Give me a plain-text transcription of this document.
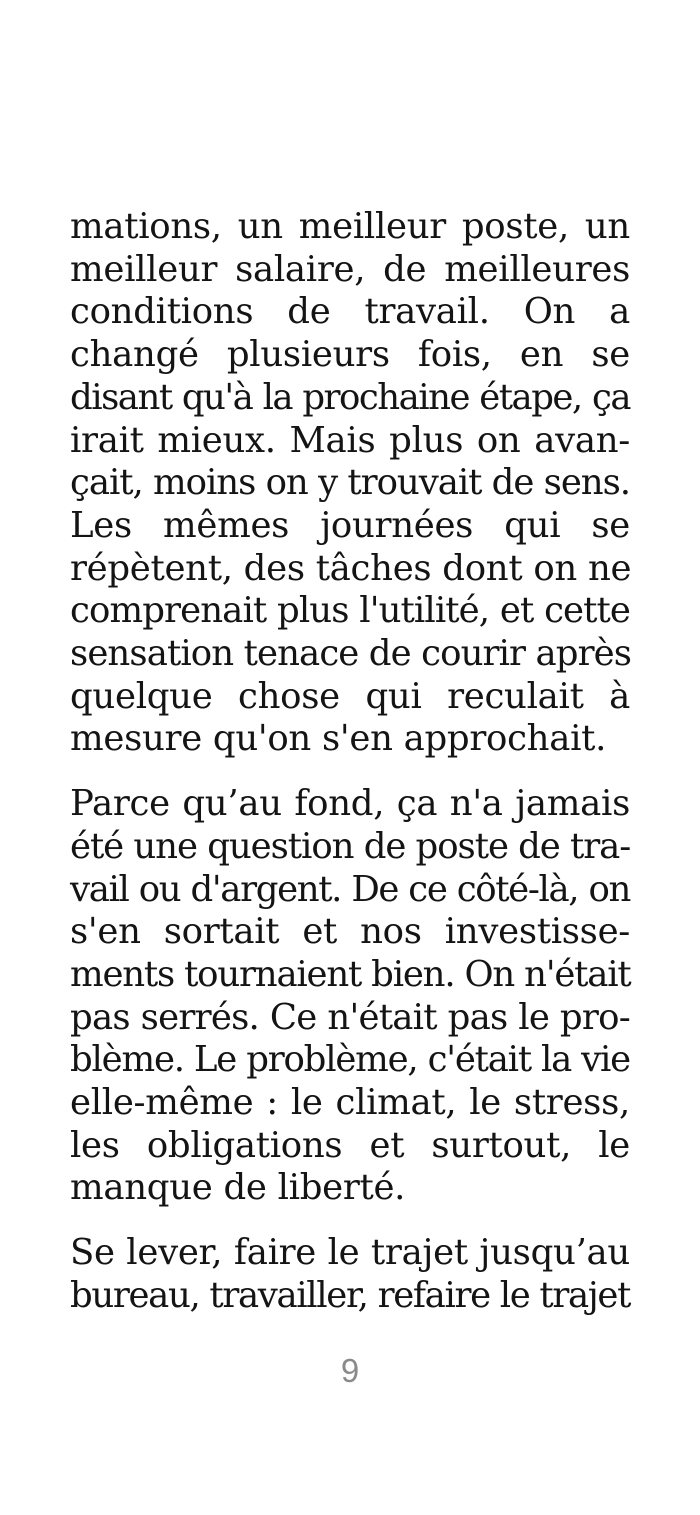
mations, un meilleur poste, un
meilleur salaire, de meilleures
conditions de travail. On a
changé plusieurs fois, en se
disant qu'à la prochaine étape, ça
irait mieux. Mais plus on avan-
çait, moins on y trouvait de sens.
Les mêmes journées qui se
répètent, des tâches dont on ne
comprenait plus l'utilité, et cette
sensation tenace de courir après
quelque chose qui reculait à
mesure qu'on s'en approchait.

Parce qu’au fond, ça n'a jamais
été une question de poste de tra-
vail ou d'argent. De ce côté-là, on
s'en sortait et nos investisse-
ments tournaient bien. On n'était
pas serrés. Ce n'était pas le pro-
blème. Le problème, c'était la vie
elle-même : le climat, le stress,
les obligations et surtout, le
manque de liberté.

Se lever, faire le trajet jusqu’au
bureau, travailler, refaire le trajet

9
